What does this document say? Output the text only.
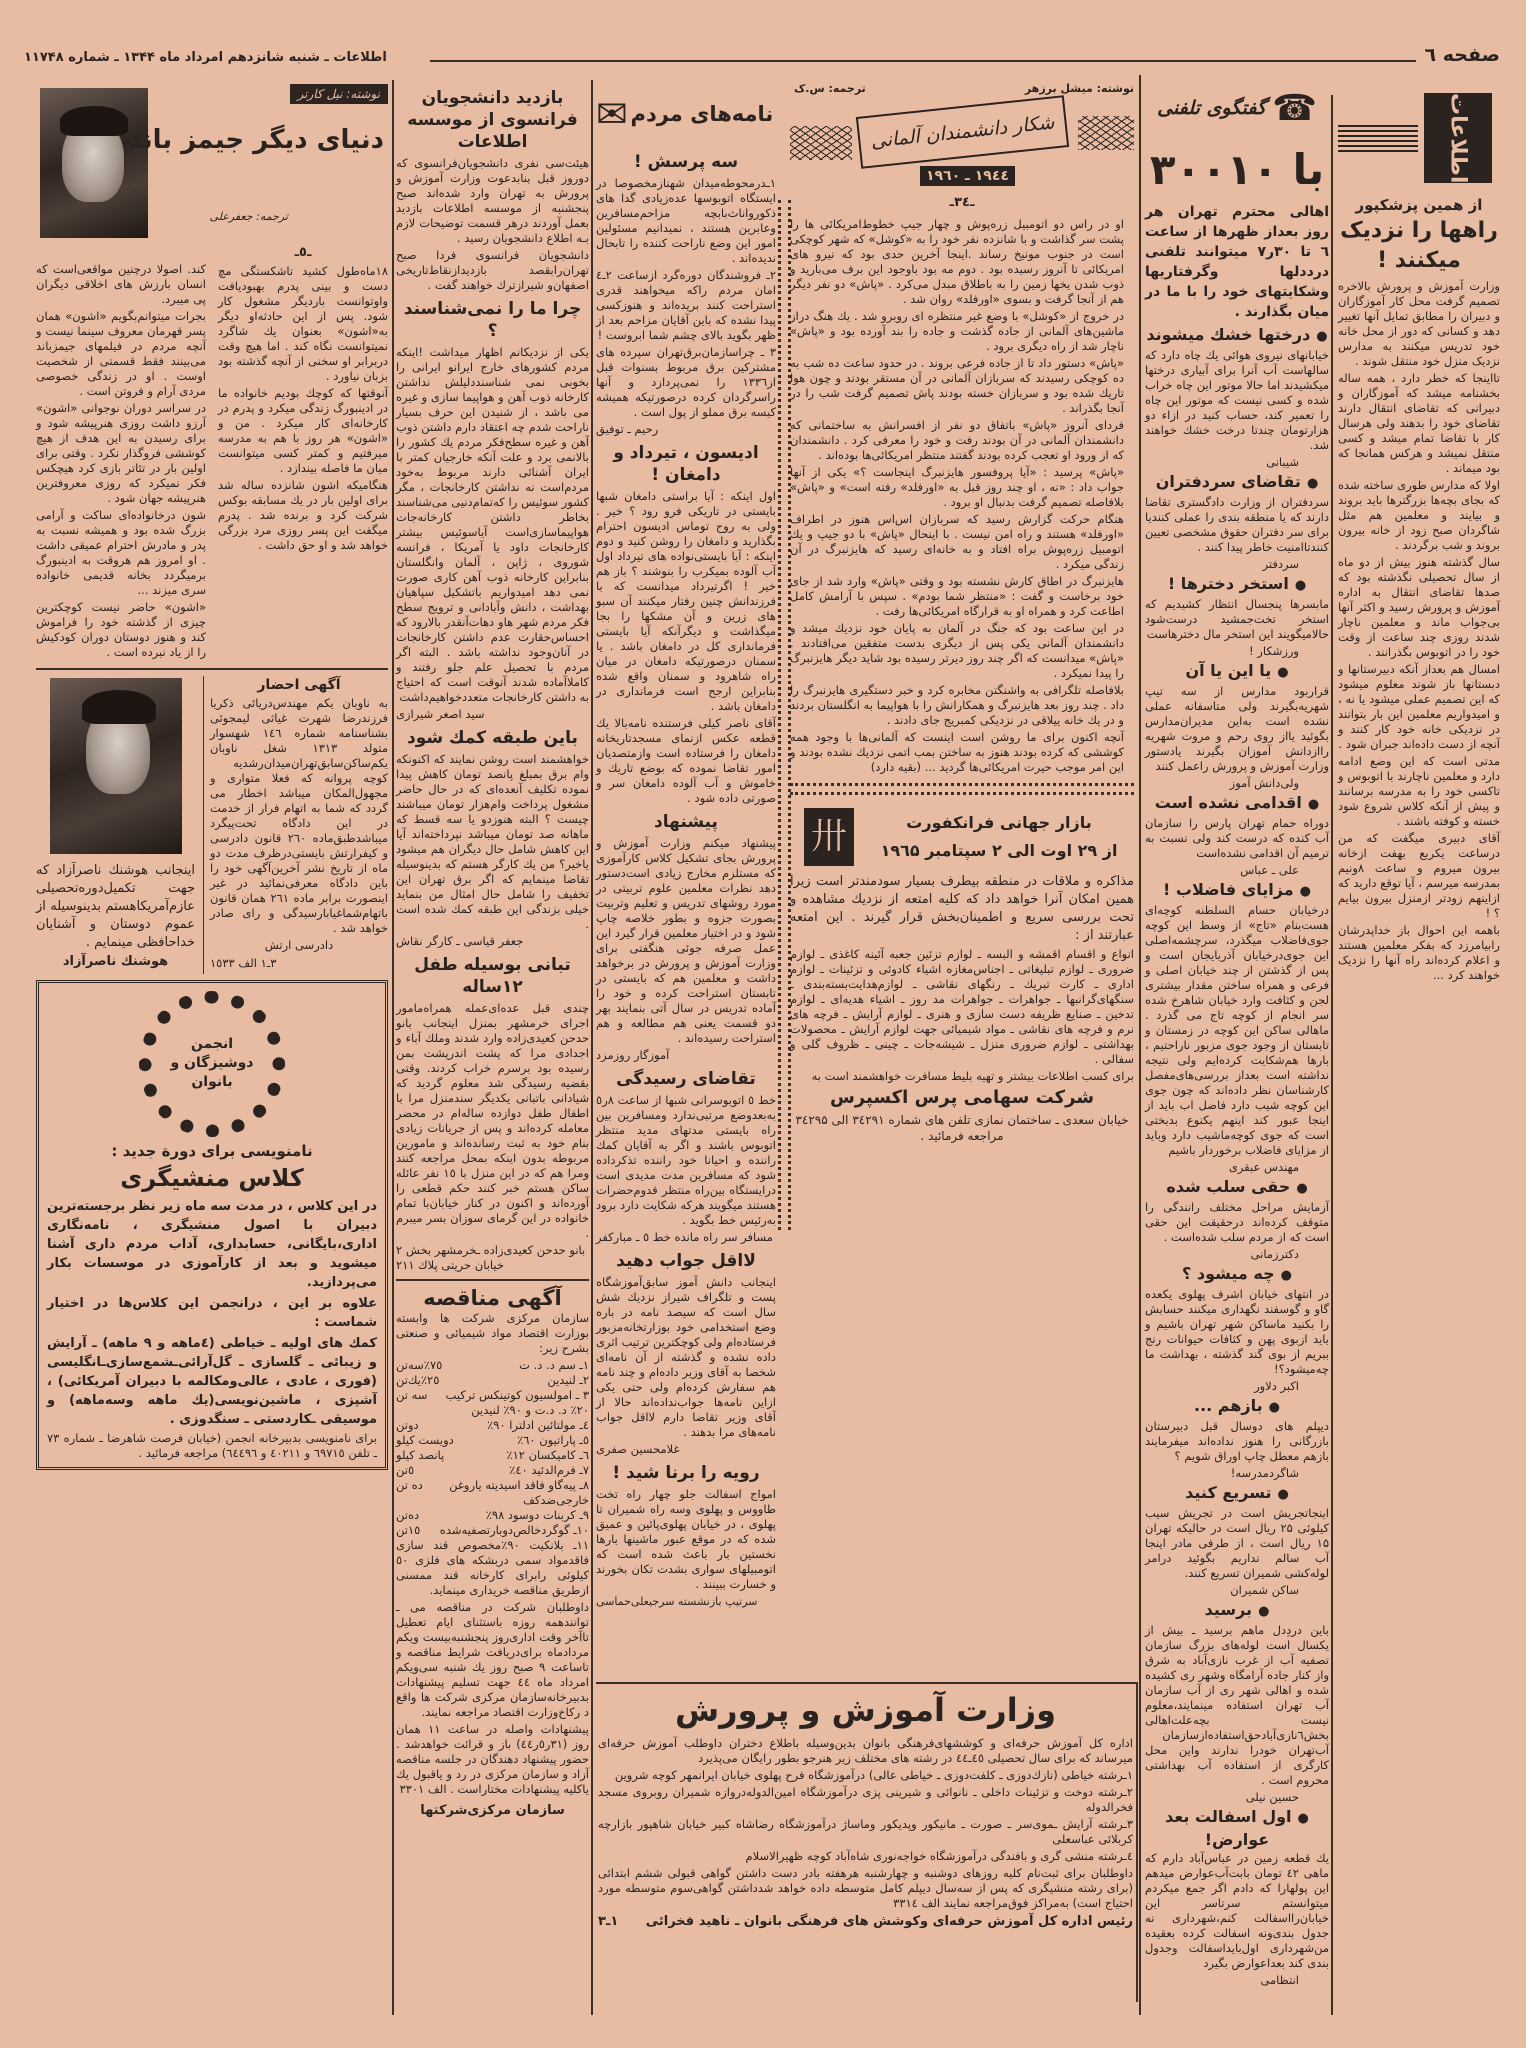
صفحه ٦
اطلاعات ـ شنبه شانزدهم امرداد ماه ۱۳۴۴ ـ شماره ۱۱۷۴۸
اطلاعات
از همین پزشکپور
راهها را نزدیک میکنند !

وزارت آموزش و پرورش بالاخره تصمیم گرفت محل کار آموزگاران و دبیران را مطابق تمایل آنها تغییر دهد و کسانی که دور از محل خانه خود تدریس میکنند به مدارس نزدیک منزل خود منتقل شوند .

تااینجا که خطر دارد ، همه ساله بخشنامه میشد که آموزگاران و دبیرانی که تقاضای انتقال دارند تقاضای خود را بدهند ولی هرسال کار با تقاضا تمام میشد و کسی منتقل نمیشد و هرکس همانجا که بود میماند .

اولا که مدارس طوری ساخته شده که بجای بچه‌ها بزرگترها باید بروند و بیایند و معلمین هم مثل شاگردان صبح زود از خانه بیرون بروند و شب برگردند .

سال گذشته هنوز بیش از دو ماه از سال تحصیلی نگذشته بود که صدها تقاضای انتقال به اداره آموزش و پرورش رسید و اکثر آنها بی‌جواب ماند و معلمین ناچار شدند روزی چند ساعت از وقت خود را در اتوبوس بگذرانند .

امسال هم بعداز آنکه دبیرستانها و دبستانها باز شوند معلوم میشود که این تصمیم عملی میشود یا نه ، و امیدواریم معلمین این بار بتوانند در نزدیکی خانه خود کار کنند و آنچه از دست داده‌اند جبران شود .

مدتی است که این وضع ادامه دارد و معلمین ناچارند با اتوبوس و تاکسی خود را به مدرسه برسانند و پیش از آنکه کلاس شروع شود خسته و کوفته باشند .

آقای دبیری میگفت که من درساعت یکربع بهفت ازخانه بیرون میروم و ساعت ٨ونیم بمدرسه میرسم ، آیا توقع دارید که ازاینهم زودتر ازمنزل بیرون بیایم ؟ !

باهمه این احوال باز خداپدرشان رابیامرزد که بفکر معلمین هستند و اعلام کرده‌اند راه آنها را نزدیک خواهند کرد ...

☎
گفتگوی تلفنی
با ۳۰۰۱۰

اهالی محترم تهران هر روز بعداز ظهرها از ساعت ٦ تا ۳۰ر۷ میتوانند تلفنی درددلها وگرفتاریها وشکایتهای خود را با ما در میان بگذارند .

● درختها خشك میشوند

خیابانهای نیروی هوائی یك چاه دارد که سالهاست آب آنرا برای آبیاری درختها میکشیدند اما حالا موتور این چاه خراب شده و کسی نیست که موتور این چاه را تعمیر کند، حساب کنید در ازاء دو هزارتومان چندتا درخت خشك خواهند شد.

شیبانی
● تقاضای سردفتران

سردفتران از وزارت دادگستری تقاضا دارند که یا منطقه بندی را عملی کنندیا برای سر دفتران حقوق مشخصی تعیین کنندتاامنیت خاطر پیدا کنند .

سردفتر
● استخر دخترها !

مابسرها پنجسال انتظار کشیدیم که استخر تخت‌جمشید درست‌شود حالامیگویند این استخر مال دخترهاست

ورزشکار !
● یا این یا آن

قراربود مدارس از سه تیپ شهریه‌بگیرند ولی متاسفانه عملی نشده است به‌این مدیران‌مدارس بگوئید یااز روی رحم و مروت شهریه راازدانش آموزان بگیرند یادستور وزارت آموزش و پرورش راعمل کنند

ولی‌دانش آموز
● اقدامی نشده است

دوراه حمام تهران پارس را سازمان آب کنده که درست کند ولی نسبت به ترمیم آن اقدامی نشده‌است

علی ـ عباس
● مزایای فاضلاب !

درخیابان حسام السلطنه کوچه‌ای هست‌بنام «تاج» از وسط این کوچه جوی‌فاضلاب میگذرد، سرچشمه‌اصلی این جوی‌درخیابان آذربایجان است و پس از گذشتن از چند خیابان اصلی و فرعی و همراه ساختن مقدار بیشتری لجن و کثافت وارد خیابان شاهرخ شده سر انجام از کوچه تاج می گذرد . ماهالی ساکن این کوچه در زمستان و تابستان از وجود جوی مزبور ناراحتیم ، بارها هم‌شکایت کرده‌ایم ولی نتیجه نداشته است بعداز بررسی‌های‌مفصل کارشناسان نظر داده‌اند که چون جوی این کوچه شیب دارد فاضل اب باید از اینجا عبور کند اینهم یکنوع بدبختی است که جوی کوچه‌ماشیب دارد وباید از مزایای فاضلاب برخوردار باشیم

مهندس عبقری
● حقی سلب شده

آزمایش مراحل مختلف رانندگی را متوقف کرده‌اند درحقیقت این حقی است که از مردم سلب شده‌است .

دکترزمانی
● چه میشود ؟

در انتهای خیابان اشرف پهلوی یکعده گاو و گوسفند نگهداری میکنند حسابش را بکنید ماساکن شهر تهران باشیم و باید ازبوی پهن و کثافات حیوانات رنج ببریم از بوی گند گذشته ، بهداشت ما چه‌میشود؟!

اکبر دلاور
● بازهم ...

دیپلم های دوسال قبل دبیرستان بازرگانی را هنوز نداده‌اند میفرمایند بازهم معطل چاپ اوراق شویم ؟

شاگردمدرسه!
● تسریع کنید

اینجاتجریش است در تجریش سیب کیلوئی ۲۵ ریال است در حالیکه تهران ۱۵ ریال است ، از طرفی مادر اینجا آب سالم نداریم بگوئید درامر لوله‌کشی شمیران تسریع کنند.

ساکن شمیران
● برسید

باین دردِدل ماهم برسید ـ بیش از یکسال است لوله‌های بزرگ سازمان تصفیه آب از غرب نازی‌آباد به شرق واز کنار جاده آرامگاه وشهر ری کشیده شده و اهالی شهر ری از آب سازمان آب تهران استفاده مینمایند،معلوم نیست بچه‌علت‌اهالی بخش٦نازی‌آبادحق‌استفاده‌ازسازمان آب‌تهران خودرا ندارند واین محل کارگری از استفاده آب بهداشتی محروم است .

حسین نیلی
● اول اسفالت بعد عوارض!

یك قطعه زمین در عباس‌آباد دارم که ماهی ٤۲ تومان بابت‌آب‌عوارض میدهم این پولهارا که دادم اگر جمع میکردم میتوانستم سرتاسر این خیابان‌رااسفالت کنم،شهرداری نه جدول بندی‌ونه اسفالت کرده بعقیده من‌شهرداری اول‌بایداسفالت وجدول بندی کند بعداعوارض بگیرد

انتظامی
نوشته: میشل برزهر
ترجمه: س.ک
شکار دانشمندان آلمانی
۱۹٤٤ ـ ۱۹٦۰
ـ۳٤ـ

او در راس دو اتومبیل زره‌پوش و چهار جیپ خطوط‌امریکائی ها را پشت سر گذاشت و با شانزده نفر خود را به «کوشل» که شهر کوچکی است در جنوب مونیخ رساند .اینجا آخرین حدی بود که نیرو های امریکائی تا آنروز رسیده بود . دوم مه بود باوجود این برف می‌بارید و ذوب شدن یخها زمین را به باطلاق مبدل می‌کرد . «پاش» دو نفر دیگر هم از آنجا گرفت و بسوی «اورفلد» روان شد .

در خروج از «کوشل» با وضع غیر منتظره ای روبرو شد . یك هنگ دراز ماشین‌های آلمانی از جاده گذشت و جاده را بند آورده بود و «پاش» ناچار شد از راه دیگری برود .

«پاش» دستور داد تا از جاده فرعی بروند . در حدود ساعت ده شب به ده کوچکی رسیدند که سربازان آلمانی در آن مستقر بودند و چون هوا تاریك شده بود و سربازان خسته بودند پاش تصمیم گرفت شب را در آنجا بگذراند .

فردای آنروز «پاش» باتفاق دو نفر از افسرانش به ساختمانی که دانشمندان آلمانی در آن بودند رفت و خود را معرفی کرد . دانشمندان که از ورود او تعجب کرده بودند گفتند منتظر امریکائی‌ها بوده‌اند .

«پاش» پرسید : «آیا پروفسور هایزنبرگ اینجاست ؟» یکی از آنها جواب داد : «نه ، او چند روز قبل به «اورفلد» رفته است» و «پاش» بلافاصله تصمیم گرفت بدنبال او برود .

هنگام حرکت گزارش رسید که سربازان اس‌اس هنوز در اطراف «اورفلد» هستند و راه امن نیست . با اینحال «پاش» با دو جیپ و یك اتومبیل زره‌پوش براه افتاد و به خانه‌ای رسید که هایزنبرگ در آن زندگی میکرد .

هایزنبرگ در اطاق کارش نشسته بود و وقتی «پاش» وارد شد از جای خود برخاست و گفت : «منتظر شما بودم» . سپس با آرامش کامل اطاعت کرد و همراه او به قرارگاه امریکائی‌ها رفت .

در این ساعت بود که جنگ در آلمان به پایان خود نزدیك میشد و دانشمندان آلمانی یکی پس از دیگری بدست متفقین می‌افتادند . «پاش» میدانست که اگر چند روز دیرتر رسیده بود شاید دیگر هایزنبرگ را پیدا نمیکرد .

بلافاصله تلگرافی به واشنگتن مخابره کرد و خبر دستگیری هایزنبرگ را داد . چند روز بعد هایزنبرگ و همکارانش را با هواپیما به انگلستان بردند و در یك خانه ییلاقی در نزدیکی کمبریج جای دادند .

آنچه اکنون برای ما روشن است اینست که آلمانی‌ها با وجود همه کوششی که کرده بودند هنوز به ساختن بمب اتمی نزدیك نشده بودند و این امر موجب حیرت امریکائی‌ها گردید ... (بقیه دارد)

بازار جهانی فرانکفورت
از ۲۹ اوت الی ۲ سپتامبر ۱۹٦۵
卅

مذاکره و ملاقات در منطقه بیطرف بسیار سودمندتر است زیرا همین امکان آنرا خواهد داد که کلیه امتعه از نزدیك مشاهده و تحت بررسی سریع و اطمینان‌بخش قرار گیرند . این امتعه عبارتند از :

انواع و اقسام اقمشه و البسه ـ لوازم تزئین جعبه آئینه کاغذی ـ لوازم ضروری ـ لوازم تبلیغاتی ـ اجناس‌مغازه‌ اشیاء کادوئی و تزئینات ـ لوازم اداری ـ کارت تبریك ـ رنگهای نقاشی ـ لوازم‌هدایت‌بسته‌بندی ـ سنگهای‌گرانبها ـ جواهرات ـ جواهرات مد روز ـ اشیاء هدیه‌ای ـ لوازم تدخین ـ صنایع ظریفه دست سازی و هنری ـ لوازم آرایش ـ فرچه های نرم و فرچه های نقاشی ـ مواد شیمیائی جهت لوازم آرایش ـ محصولات بهداشتی ـ لوازم ضروری منزل ـ شیشه‌جات ـ چینی ـ ظروف گلی و سفالی .

برای کسب اطلاعات بیشتر و تهیه بلیط مسافرت خواهشمند است به

شرکت سهامی پرس اکسپرس

خیابان سعدی ـ ساختمان نمازی تلفن های شماره ۳٤۲۹۱ الی ۳٤۲۹۵ مراجعه فرمائید .

وزارت آموزش و پرورش

اداره کل آموزش حرفه‌ای و کوششهای‌فرهنگی بانوان بدین‌وسیله باطلاع دختران داوطلب آموزش حرفه‌ای میرساند که برای سال تحصیلی ٤٥ـ٤٤ در رشته های مختلف زیر هنرجو بطور رایگان می‌پذیرد

۱ـرشته خیاطی (نازك‌دوزی ـ کلفت‌دوزی ـ خیاطی عالی) درآموزشگاه فرح پهلوی خیابان ایرانمهر کوچه شروین

۲ـرشته دوخت و تزئینات داخلی ـ نانوائی و شیرینی پزی درآموزشگاه امین‌الدوله‌دروازه شمیران روبروی مسجد فخرالدوله

۳ـرشته آرایش ـموی‌سر ـ صورت ـ مانیکور وپدیکور وماساژ درآموزشگاه رضاشاه کبیر خیابان شاهپور بازارچه کربلائی عباسعلی

٤ـرشته منشی گری و بافندگی درآموزشگاه خواجه‌نوری شاه‌آباد کوچه ظهیرالاسلام

داوطلبان برای ثبت‌نام کلیه روزهای دوشنبه و چهارشنبه هرهفته بادر دست داشتن گواهی قبولی ششم ابتدائی (برای رشته منشیگری که پس از سه‌سال دیپلم کامل متوسطه داده خواهد شدداشتن گواهی‌سوم متوسطه مورد احتیاج است) به‌مراکز فوق‌مراجعه نمایند الف ۳۳۱٤

رئیس اداره کل آموزش حرفه‌ای وکوشش های فرهنگی بانوان ـ ناهید فخرائی
۱ـ۳
نامه‌های مردم
✉
سه پرسش !

۱ـدرمحوطه‌میدان شهنازمخصوصا در ایستگاه اتوبوسها عده‌زیادی گدا های ذکورواناث‌بابچه مزاحم‌مسافرین وعابرین هستند ، نمیدانیم مسئولین امور این وضع ناراحت کننده را تابحال ندیده‌اند .

۲ـ فروشندگان دوره‌گرد ازساعت ۲ـ٤ امان مردم راکه میخواهند قدری استراحت کنند بریده‌اند و هنوزکسی پیدا نشده که باین آقایان مزاحم بعد از ظهر بگوید بالای چشم شما ابروست !

۳ ـ چراسازمان‌برق‌تهران سپرده های مشترکین برق مربوط بسنوات قبل از۱۳۳٦ را نمی‌پردازد و آنها راسرگردان کرده درصورتیکه همیشه کیسه برق مملو از پول است .

رحیم ـ توفیق
ادیسون ، تیرداد و دامغان !

اول اینکه : آیا براستی دامغان شبها بایستی در تاریکی فرو رود ؟ خیر . ولی به روح توماس ادیسون احترام بگذارید و دامغان را روشن کنید و دوم اینکه : آیا بایستی‌نواده های تیرداد اول آب آلوده بمیکرب را بنوشند ؟ باز هم خیر ! اگرتیرداد میدانست که با فرزندانش چنین رفتار میکنند آن سبو های زرین و آن مشکها را بجا میگذاشت و دیگرآنکه آیا بایستی فرمانداری کل در دامغان باشد . یا سمنان درصورتیکه دامغان در میان راه شاهرود و سمنان واقع شده بنابراین ارجح است فرمانداری در دامغان باشد .

آقای ناصر کیلی فرستنده نامه‌بالا یك قطعه عکس ازنمای مسجدتاریخانه دامغان را فرستاده است وازمتصدیان امور تقاضا نموده که بوضع تاریك و خاموش و آب آلوده دامغان سر و صورتی داده شود .

پیشنهاد

پیشنهاد میکنم وزارت آموزش و پرورش بجای تشکیل کلاس کارآموزی که مستلزم مخارج زیادی است‌دستور دهد نظرات معلمین علوم تربیتی در مورد روشهای تدریس و تعلیم وتربیت بصورت جزوه و بطور خلاصه چاپ شود و در اختیار معلمین قرار گیرد این عمل صرفه جوئی هنگفتی برای وزارت آموزش و پرورش در برخواهد داشت و معلمین هم که بایستی در تابستان استراحت کرده و خود را آماده تدریس در سال آتی بنمایند بهر دو قسمت یعنی هم مطالعه و هم استراحت رسیده‌اند .

آموزگار روزمزد
تقاضای رسیدگی

خط ٥ اتوبوسرانی شبها از ساعت ٨ر٥ به‌بعدوضع مرتبی‌ندارد ومسافرین بین راه بایستی مدتهای مدید منتظر اتوبوس باشند و اگر به آقایان کمك راننده و احیانا خود راننده تذکرداده شود که مسافرین مدت مدیدی است درایستگاه بین‌راه منتظر قدوم‌حضرات هستند میگویند هرکه شکایت دارد برود به‌رئیس خط بگوید .

مسافر سر راه مانده خط ٥ ـ مبارکفر
لااقل جواب دهید

اینجانب دانش آموز سابق‌آموزشگاه پست و تلگراف شیراز نزدیك شش سال است که سیصد نامه در باره وضع استخدامی خود بوزارتخانه‌مزبور فرستاده‌ام ولی کوچکترین ترتیب اثری داده نشده و گذشته از آن نامه‌ای شخصا به آقای وزیر داده‌ام و چند نامه هم سفارش کرده‌ام ولی حتی یکی ازاین نامه‌ها جواب‌نداده‌اند حالا از آقای وزیر تقاضا دارم لااقل جواب نامه‌های مرا بدهند .

غلامحسین صفری
رویه را برنا شید !

امواج اسفالت جلو چهار راه تخت طاووس و پهلوی وسه راه شمیران تا پهلوی ، در خیابان پهلوی‌پائین و عمیق شده که در موقع عبور ماشینها بارها نخستین بار باعث شده است که اتومبیلهای سواری بشدت تکان بخورند و خسارت ببینند .

سرتیپ بازنشسته سرجیعلی‌حماسی
بازدید دانشجویان فرانسوی از موسسه اطلاعات

هیئت‌سی نفری دانشجویان‌فرانسوی که دوروز قبل بنابدعوت وزارت آموزش و پرورش به تهران وارد شده‌اند صبح پنجشنبه از موسسه اطلاعات بازدید بعمل آوردند درهر قسمت توضیحات لازم بـه اطلاع دانشجویان رسید .

دانشجویان فرانسوی فردا صبح تهران‌رابقصد بازدیدازنقاط‌تاریخی اصفهان‌و شیرازترك خواهند گفت .

چرا ما را نمی‌شناسند ؟

یکی از نزدیکانم اظهار میداشت !اینکه مردم کشورهای خارج ایرانو ایرانی را بخوبی نمی شناسنددلیلش نداشتن کارخانه ذوب آهن و هواپیما سازی و غیره می باشد ، از شنیدن این حرف بسیار ناراحت شدم چه اعتقاد دارم داشتن ذوب آهن و غیره سطح‌فکر مردم یك کشور را بالانمی برد و علت آنکه خارجیان کمتر با ایران آشنائی دارند مربوط به‌خود مردم‌است نه نداشتن کارخانجات ، مگر کشور سوئیس را که‌تمام‌دنیی می‌شناسند بخاطر داشتن کارخانه‌جات هواپیماسازی‌است آیاسوئیس بیشتر کارخانجات داود یا آمریکا ، فرانسه شوروی ، ژاپن ، آلمان وانگلستان بنابراین کارخانه ذوب آهن کاری صورت نمی دهد امیدواریم باتشکیل سپاهیان بهداشت ، دانش وآبادانی و ترویج سطح فکر مردم شهر هاو دهات‌آنقدر بالارود که احساس‌حقارت عدم داشتن کارخانجات در آنان‌وجود نداشته باشد . البته اگر مردم با تحصیل علم جلو رفتند و کاملاآماده شدند آنوقت است که احتیاج به داشتن کارخانجات متعددخواهیم‌داشت

سید اصغر شیرازی
باین طبقه کمك شود

خواهشمند است روشن نمایند که اکنونکه وام برق بمبلغ پانصد تومان کاهش پیدا نموده تکلیف آنعده‌ای که در حال حاضر مشغول پرداخت وام‌هزار تومان میباشند چیست ؟ البته هنوزدو یا سه قسط که ماهانه صد تومان میباشد نپرداخته‌اند آیا این کاهش شامل حال دیگران هم میشود یاخیر؟ من یك کارگر هستم که بدینوسیله تقاضا مینمایم که اگر برق تهران این تخفیف را شامل حال امثال من بنماید خیلی بزندگی این طبقه کمك شده است .

جعفر قیاسی ـ کارگر نقاش
تبانی بوسیله طفل ۱۲ساله

چندی قبل عده‌ای‌عمله همراه‌مامور اجرای خرمشهر بمنزل اینجانب بانو حدحن کعیدی‌زاده وارد شدند وملك آباء و اجدادی مرا که پشت اندرپشت بمن رسیده بود برسرم خراب کردند. وقتی بقضیه رسیدگی شد معلوم گردید که شیادانی باتبانی یکدیگر سندمنزل مرا با اطفال طفل دوازده ساله‌ام در محضر معامله کرده‌اند و پس از جریانات زیادی بنام خود به ثبت رسانده‌اند و مامورین مربوطه بدون اینکه بمحل مراجعه کنند ومرا هم که در این منزل با ۱٥ نفر عائله ساکن هستم خبر کنند حکم قطعی را آورده‌اند و اکنون در کنار خیابان‌با تمام خانواده در این گرمای سوزان بسر میبرم .

بانو حدحن کعیدی‌زاده ـخرمشهر بخش ۲ خیابان حریتی پلاك ۲۱۱
آگهی مناقصه

سازمان مرکزی شرکت ها وابسته بوزارت اقتصاد مواد شیمیائی و صنعتی بشرح زیر:

۱ـ سم د. د. ت
۷٥٪سه‌تن
۲ـ لنیدین
۲٥٪یك‌تن
۳ ـ امولسیون کوتینکس ترکیب ۲۰٪ د. د.ت و ۹۰٪ لنیدین
سه تن
٤ـ مولتائین ادلترا ۹۰٪
دوتن
٥ـ پاراتیون ٦۰٪
دویست کیلو
٦ـ کامیکسان ۱۲٪
پانصد کیلو
۷ـ فرم‌الدئید ٤۰٪
٥تن
۸ـ پیه‌گاو فاقد اسیدیته یاروغن خارجی‌ضدکف
ده تن
۹ـ کربنات دوسود ۹۸٪
ده‌تن
۱۰ـ گوگردخالص‌دوبارتصفیه‌شده
۱٥تن

۱۱ـ بلانکیت ۹۰٪مخصوص قند سازی فاقدمواد سمی دربشکه های فلزی ٥۰ کیلوئی رابرای کارخانه قند ممسنی ازطریق مناقصه خریداری مینماید.

داوطلبان شرکت در مناقصه می ـ توانندهمه روزه باستثنای ایام تعطیل تاآخر وقت اداری‌روز پنجشنبه‌بیست ویکم مردادماه برای‌دریافت شرایط مناقصه و تاساعت ۹ صبح روز یك شنبه سی‌ویکم امرداد ماه ٤٤ جهت تسلیم پیشنهادات بدبیرخانه‌سازمان مرکزی شرکت ها واقع د رکاخ‌وزارت اقتصاد مراجعه نمایند.

پیشنهادات واصله در ساعت ۱۱ همان روز (۳۱ر٥ر٤٤) باز و قرائت خواهدشد . حضور پیشنهاد دهندگان در جلسه مناقصه آزاد و سازمان مرکزی در رد و یاقبول یك یاکلیه پیشنهادات مختاراست . الف ۳۳۰۱

سازمان مرکزی‌شرکتها
نوشته: نیل کارتر
دنیای دیگر جیمز باند
ترجمه: جعفرعلی
ـ٥ـ

۱۸ماه‌طول کشید تاشکستگی مچ دست و بینی پدرم بهبودیافت واوتوانست باردیگر مشغول کار شود. پس از این حادثه‌او دیگر به«اشون» بعنوان یك شاگرد نمیتوانست نگاه کند . اما هیچ وقت دربرابر او سخنی از آنچه گذشته بود بزبان نیاورد .

آنوقتها که کوچك بودیم خانواده ما در ادینبورگ زندگی میکرد و پدرم در کارخانه‌ای کار میکرد . من و «اشون» هر روز با هم به مدرسه میرفتیم و کمتر کسی میتوانست میان ما فاصله بیندازد .

هنگامیکه اشون شانزده ساله شد برای اولین بار در یك مسابقه بوکس شرکت کرد و برنده شد . پدرم میگفت این پسر روزی مرد بزرگی خواهد شد و او حق داشت .

کند. اصولا درچنین مواقعی‌است که انسان بارزش های اخلاقی دیگران پی میبرد.

بجرات میتوانم‌بگویم «اشون» همان پسر قهرمان معروف سینما نیست و آنچه مردم در فیلمهای جیمزباند می‌بینند فقط قسمتی از شخصیت اوست . او در زندگی خصوصی مردی آرام و فروتن است .

در سراسر دوران نوجوانی «اشون» آرزو داشت روزی هنرپیشه شود و برای رسیدن به این هدف از هیچ کوششی فروگذار نکرد . وقتی برای اولین بار در تئاتر بازی کرد هیچکس فکر نمیکرد که روزی معروفترین هنرپیشه جهان شود .

شون درخانواده‌ای ساکت و آرامی بزرگ شده بود و همیشه نسبت به پدر و مادرش احترام عمیقی داشت . او امروز هم هروقت به ادینبورگ برمیگردد بخانه قدیمی خانواده سری میزند ...

«اشون» حاضر نیست کوچکترین چیزی از گذشته خود را فراموش کند و هنوز دوستان دوران کودکیش را از یاد نبرده است .

آگهی احضار

به ناوبان یکم مهندس‌دریائی ذکریا فرزندرضا شهرت غیاثی لیمجوئی بشناسنامه شماره ۱٤٦ شهسوار متولد ۱۳۱۳ شغل ناوبان یکم‌ساکن‌سابق‌تهران‌میدان‌رشدیه کوچه پروانه که فعلا متواری و مجهول‌المکان میباشد اخطار می گردد که شما به اتهام فرار از خدمت در این دادگاه تحت‌پیگرد میباشدطبق‌ماده ۲٦۰ قانون دادرسی و کیفرارتش بایستی‌درظرف مدت دو ماه از تاریخ نشر آخرین‌آگهی خود را باین دادگاه معرفی‌نمائید در غیر اینصورت برابر ماده ۲٦۱ همان قانون باتهام‌شماغیابا‌رسیدگی و رای صادر خواهد شد .

دادرسی ارتش
۳ـ۱ الف ۱٥۳۳

اینجانب هوشنك ناصرآزاد که جهت تکمیل‌دوره‌تحصیلی عازم‌آمریکاهستم بدینوسیله از عموم دوستان و آشنایان خداحافظی مینمایم .

هوشنك ناصرآزاد
انجمن دوشیزگان و بانوان
نامنویسی برای دورة جدید :
کلاس منشیگری

در این کلاس ، در مدت سه ماه زیر نظر برجسته‌ترین دبیران با اصول منشیگری ، نامه‌نگاری اداری،بایگانی، حسابداری، آداب مردم داری آشنا میشوید و بعد از کارآموزی در موسسات بکار می‌پردازید.

علاوه بر این ، درانجمن این کلاس‌ها در اختیار شماست :

کمك های اولیه ـ خیاطی (٤ماهه و ۹ ماهه) ـ آرایش و زیبائی ـ گلسازی ـ گل‌آرائی‌ـشمع‌سازی‌ـانگلیسی (فوری ، عادی ، عالی‌ومکالمه با دبیران آمریکائی) ، آشپزی ، ماشین‌نویسی(یك ماهه وسه‌ماهه) و موسیقی ـکاردستی ـ سنگدوزی .

برای نامنویسی بدبیرخانه انجمن (خیابان فرصت شاهرضا ـ شماره ۷۳ ـ تلفن ٦۹۷۱٥ و ٤۰۲۱۱ و ٦٤٤۹٦) مراجعه فرمائید .
